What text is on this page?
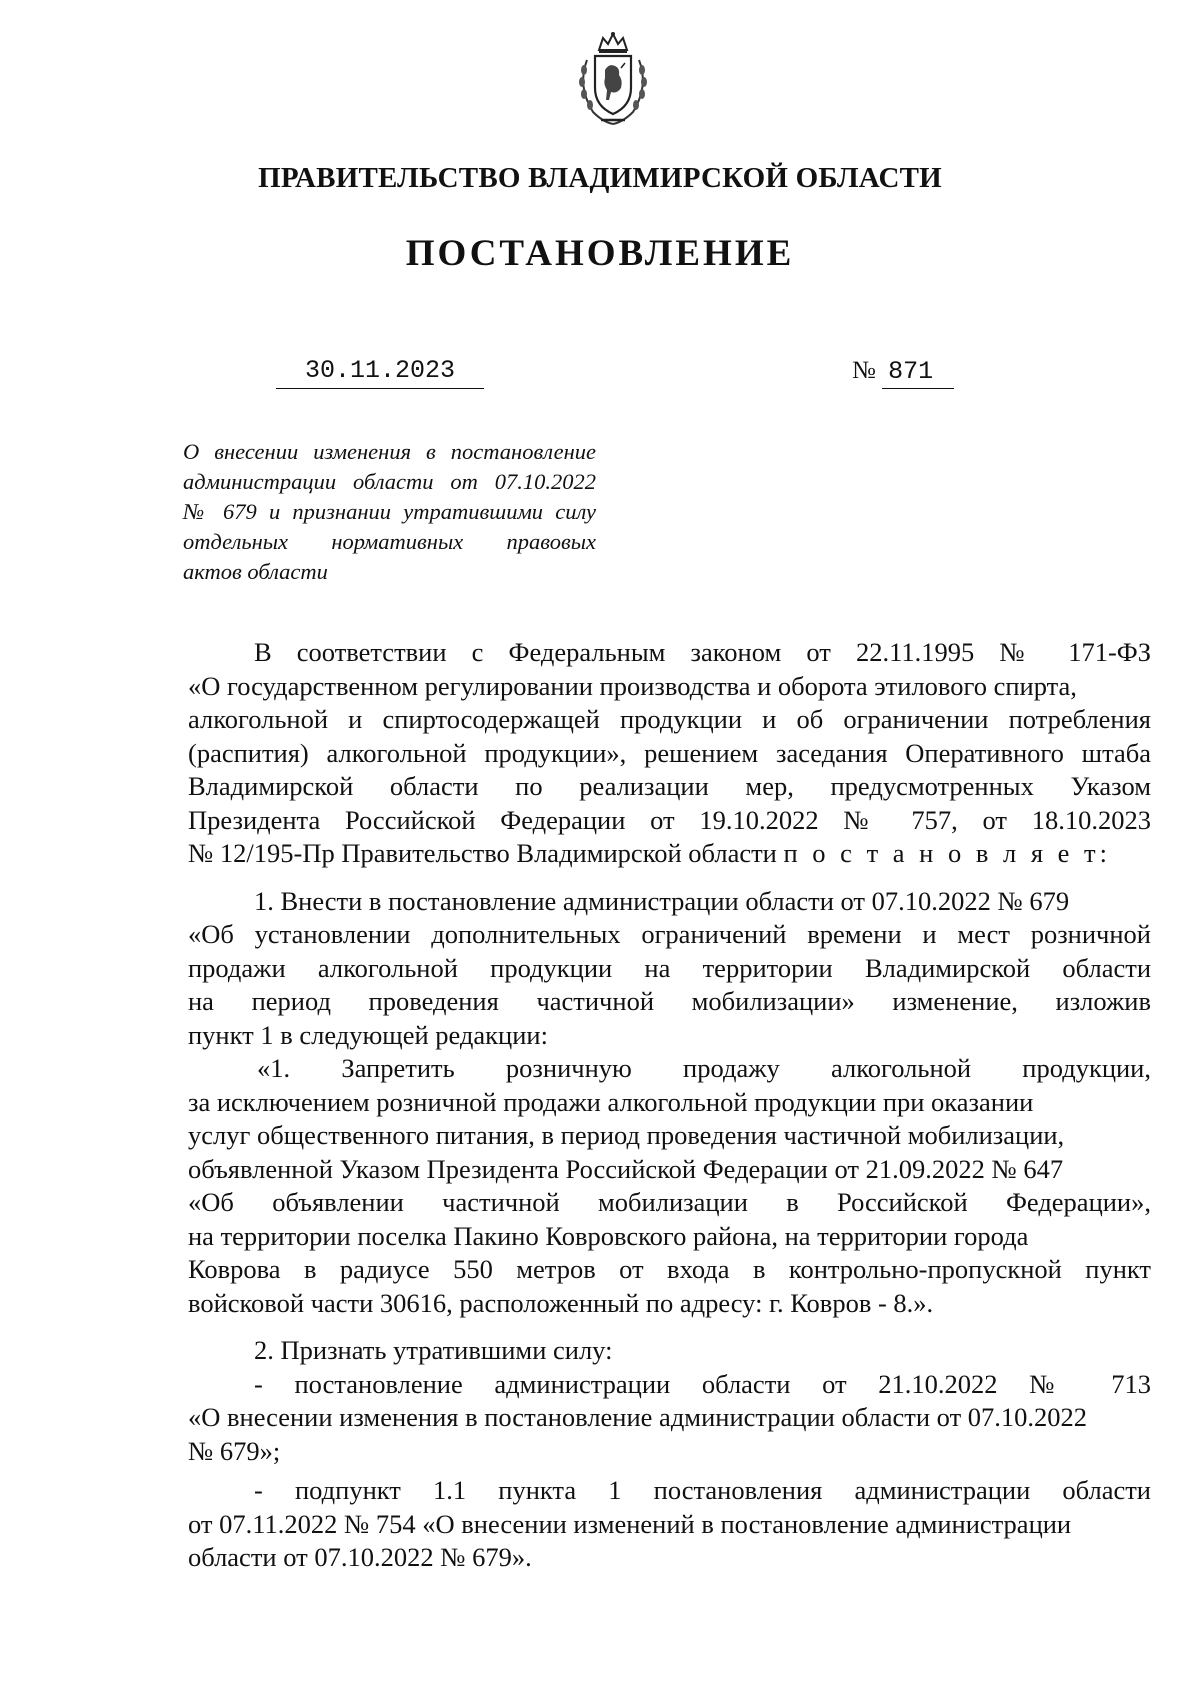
ПРАВИТЕЛЬСТВО ВЛАДИМИРСКОЙ ОБЛАСТИ
ПОСТАНОВЛЕНИЕ
30.11.2023	№ 871
О внесении изменения в постановление
администрации области от 07.10.2022
№ 679 и признании утратившими силу
отдельных нормативных правовых
актов области
В соответствии с Федеральным законом от 22.11.1995 № 171-ФЗ
«О государственном регулировании производства и оборота этилового спирта,
алкогольной и спиртосодержащей продукции и об ограничении потребления
(распития) алкогольной продукции», решением заседания Оперативного штаба
Владимирской области по реализации мер, предусмотренных Указом
Президента Российской Федерации от 19.10.2022 № 757, от 18.10.2023
№ 12/195-Пр Правительство Владимирской области п о с т а н о в л я е т:
1. Внести в постановление администрации области от 07.10.2022 № 679
«Об установлении дополнительных ограничений времени и мест розничной
продажи алкогольной продукции на территории Владимирской области
на период проведения частичной мобилизации» изменение, изложив
пункт 1 в следующей редакции:
«1. Запретить розничную продажу алкогольной продукции,
за исключением розничной продажи алкогольной продукции при оказании
услуг общественного питания, в период проведения частичной мобилизации,
объявленной Указом Президента Российской Федерации от 21.09.2022 № 647
«Об объявлении частичной мобилизации в Российской Федерации»,
на территории поселка Пакино Ковровского района, на территории города
Коврова в радиусе 550 метров от входа в контрольно-пропускной пункт
войсковой части 30616, расположенный по адресу: г. Ковров - 8.».
2. Признать утратившими силу:
- постановление администрации области от 21.10.2022 № 713
«О внесении изменения в постановление администрации области от 07.10.2022
№ 679»;
- подпункт 1.1 пункта 1 постановления администрации области
от 07.11.2022 № 754 «О внесении изменений в постановление администрации
области от 07.10.2022 № 679».
